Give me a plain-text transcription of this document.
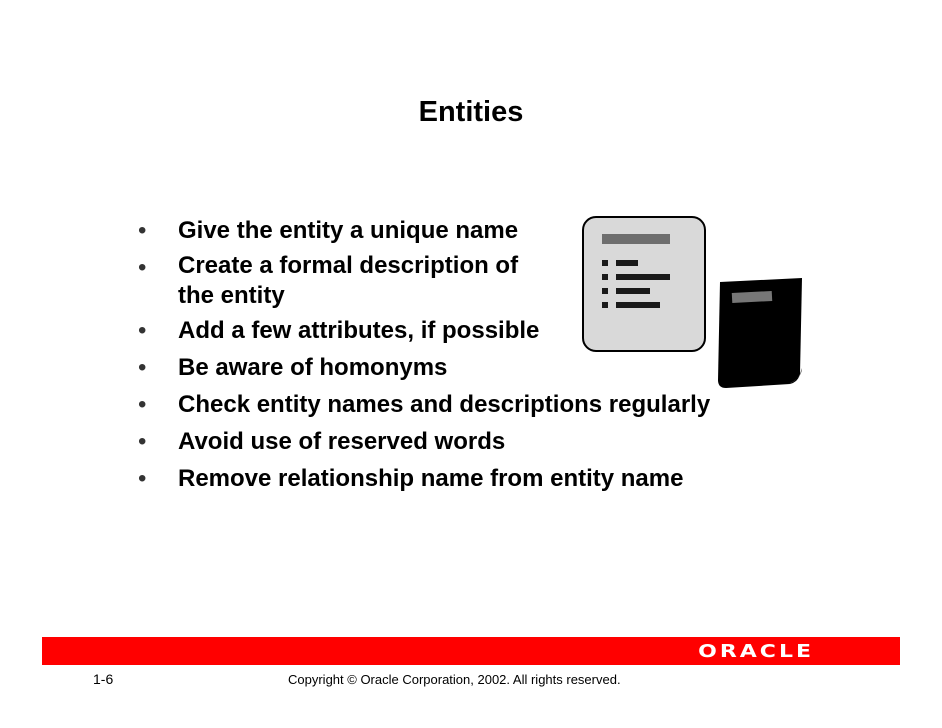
Entities
•	Give the entity a unique name
•	Create a formal description of
the entity
•	Add a few attributes, if possible
•	Be aware of homonyms
•	Check entity names and descriptions regularly
•	Avoid use of reserved words
•	Remove relationship name from entity name
ORACLE
1-6	Copyright © Oracle Corporation, 2002. All rights reserved.
